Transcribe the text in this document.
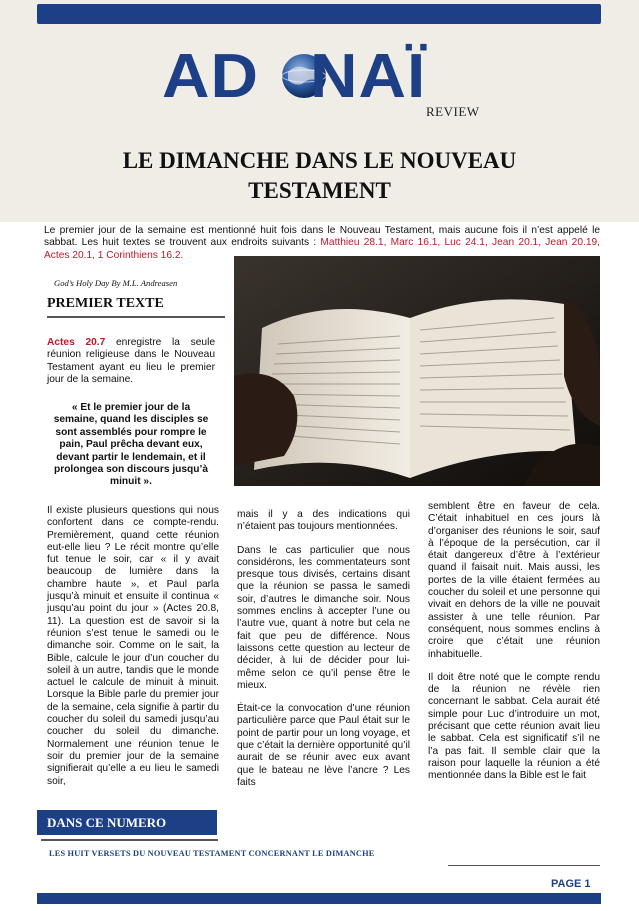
AD NAÏ
REVIEW
LE DIMANCHE DANS LE NOUVEAU
TESTAMENT
Le premier jour de la semaine est mentionné huit fois dans le Nouveau Testament, mais aucune fois il n’est appelé le sabbat. Les huit textes se trouvent aux endroits suivants : Matthieu 28.1, Marc 16.1, Luc 24.1, Jean 20.1, Jean 20.19, Actes 20.1, 1 Corinthiens 16.2.
God’s Holy Day By M.L. Andreasen
PREMIER TEXTE
Actes 20.7 enregistre la seule réunion religieuse dans le Nouveau Testament ayant eu lieu le premier jour de la semaine.
« Et le premier jour de la semaine, quand les disciples se sont assemblés pour rompre le pain, Paul prêcha devant eux, devant partir le lendemain, et il prolongea son discours jusqu’à minuit ».

Il existe plusieurs questions qui nous confortent dans ce compte-rendu. Premièrement, quand cette réunion eut-elle lieu ? Le récit montre qu’elle fut tenue le soir, car « il y avait beaucoup de lumière dans la chambre haute », et Paul parla jusqu’à minuit et ensuite il continua « jusqu’au point du jour » (Actes 20.8, 11). La question est de savoir si la réunion s’est tenue le samedi ou le dimanche soir. Comme on le sait, la Bible, calcule le jour d’un coucher du soleil à un autre, tandis que le monde actuel le calcule de minuit à minuit. Lorsque la Bible parle du premier jour de la semaine, cela signifie à partir du coucher du soleil du samedi jusqu’au coucher du soleil du dimanche. Normalement une réunion tenue le soir du premier jour de la semaine signifierait qu’elle a eu lieu le samedi soir,

mais il y a des indications qui n’étaient pas toujours mentionnées.

Dans le cas particulier que nous considérons, les commentateurs sont presque tous divisés, certains disant que la réunion se passa le samedi soir, d’autres le dimanche soir. Nous sommes enclins à accepter l’une ou l’autre vue, quant à notre but cela ne fait que peu de différence. Nous laissons cette question au lecteur de décider, à lui de décider pour lui-même selon ce qu’il pense être le mieux.

Était-ce la convocation d’une réunion particulière parce que Paul était sur le point de partir pour un long voyage, et que c’était la dernière opportunité qu’il aurait de se réunir avec eux avant que le bateau ne lève l’ancre ? Les faits

semblent être en faveur de cela. C’était inhabituel en ces jours là d’organiser des réunions le soir, sauf à l’époque de la persécution, car il était dangereux d’être à l’extérieur quand il faisait nuit. Mais aussi, les portes de la ville étaient fermées au coucher du soleil et une personne qui vivait en dehors de la ville ne pouvait assister à une telle réunion. Par conséquent, nous sommes enclins à croire que c’était une réunion inhabituelle.

Il doit être noté que le compte rendu de la réunion ne révèle rien concernant le sabbat. Cela aurait été simple pour Luc d’introduire un mot, précisant que cette réunion avait lieu le sabbat. Cela est significatif s’il ne l’a pas fait. Il semble clair que la raison pour laquelle la réunion a été mentionnée dans la Bible est le fait

DANS CE NUMERO
LES HUIT VERSETS DU NOUVEAU TESTAMENT CONCERNANT LE DIMANCHE
PAGE 1
